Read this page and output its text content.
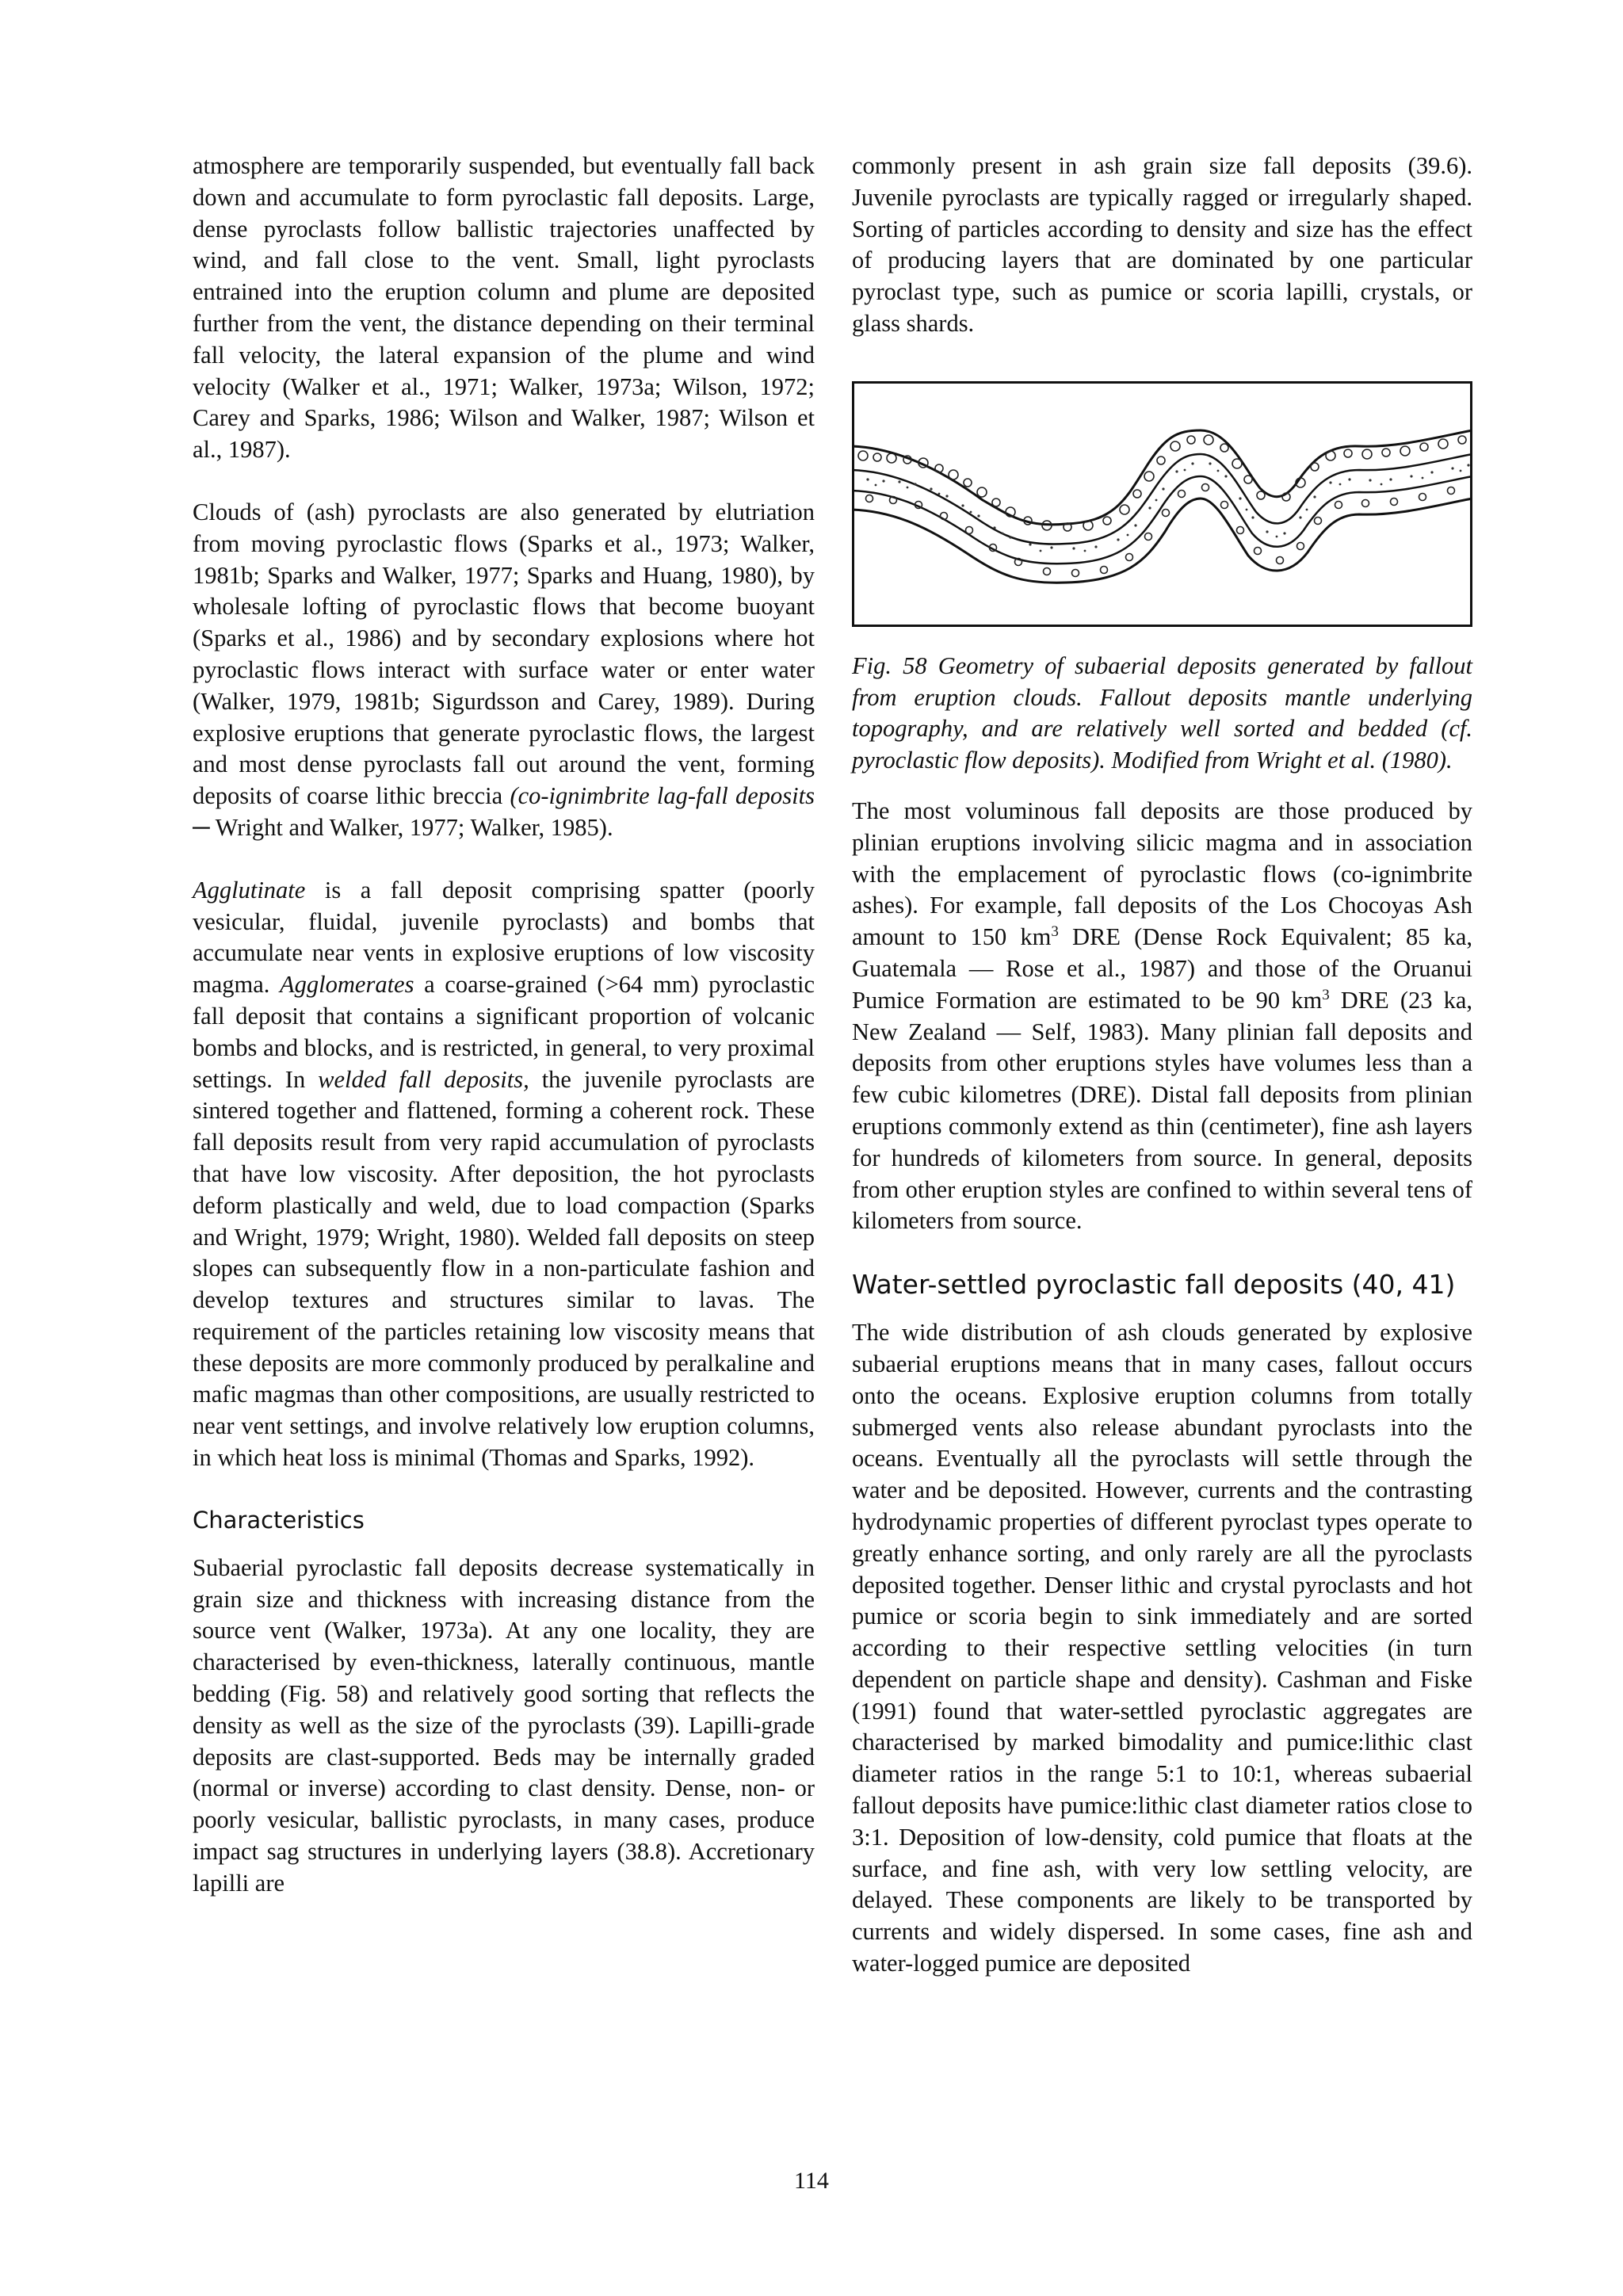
atmosphere are temporarily suspended, but eventually fall back down and accumulate to form pyroclastic fall deposits. Large, dense pyroclasts follow ballistic trajectories unaffected by wind, and fall close to the vent. Small, light pyroclasts entrained into the eruption column and plume are deposited further from the vent, the distance depending on their terminal fall velocity, the lateral expansion of the plume and wind velocity (Walker et al., 1971; Walker, 1973a; Wilson, 1972; Carey and Sparks, 1986; Wilson and Walker, 1987; Wilson et al., 1987).

Clouds of (ash) pyroclasts are also generated by elutriation from moving pyroclastic flows (Sparks et al., 1973; Walker, 1981b; Sparks and Walker, 1977; Sparks and Huang, 1980), by wholesale lofting of pyroclastic flows that become buoyant (Sparks et al., 1986) and by secondary explosions where hot pyroclastic flows interact with surface water or enter water (Walker, 1979, 1981b; Sigurdsson and Carey, 1989). During explosive eruptions that generate pyroclastic flows, the largest and most dense pyroclasts fall out around the vent, forming deposits of coarse lithic breccia (co-ignimbrite lag-fall deposits ─ Wright and Walker, 1977; Walker, 1985).

Agglutinate is a fall deposit comprising spatter (poorly vesicular, fluidal, juvenile pyroclasts) and bombs that accumulate near vents in explosive eruptions of low viscosity magma. Agglomerates a coarse-grained (>64 mm) pyroclastic fall deposit that contains a significant proportion of volcanic bombs and blocks, and is restricted, in general, to very proximal settings. In welded fall deposits, the juvenile pyroclasts are sintered together and flattened, forming a coherent rock. These fall deposits result from very rapid accumulation of pyroclasts that have low viscosity. After deposition, the hot pyroclasts deform plastically and weld, due to load compaction (Sparks and Wright, 1979; Wright, 1980). Welded fall deposits on steep slopes can subsequently flow in a non-particulate fashion and develop textures and structures similar to lavas. The requirement of the particles retaining low viscosity means that these deposits are more commonly produced by peralkaline and mafic magmas than other compositions, are usually restricted to near vent settings, and involve relatively low eruption columns, in which heat loss is minimal (Thomas and Sparks, 1992).

Characteristics

Subaerial pyroclastic fall deposits decrease systematically in grain size and thickness with increasing distance from the source vent (Walker, 1973a). At any one locality, they are characterised by even-thickness, laterally continuous, mantle bedding (Fig. 58) and relatively good sorting that reflects the density as well as the size of the pyroclasts (39). Lapilli-grade deposits are clast-supported. Beds may be internally graded (normal or inverse) according to clast density. Dense, non- or poorly vesicular, ballistic pyroclasts, in many cases, produce impact sag structures in underlying layers (38.8). Accretionary lapilli are

commonly present in ash grain size fall deposits (39.6). Juvenile pyroclasts are typically ragged or irregularly shaped. Sorting of particles according to density and size has the effect of producing layers that are dominated by one particular pyroclast type, such as pumice or scoria lapilli, crystals, or glass shards.

Fig. 58 Geometry of subaerial deposits generated by fallout from eruption clouds. Fallout deposits mantle underlying topography, and are relatively well sorted and bedded (cf. pyroclastic flow deposits). Modified from Wright et al. (1980).

The most voluminous fall deposits are those produced by plinian eruptions involving silicic magma and in association with the emplacement of pyroclastic flows (co-ignimbrite ashes). For example, fall deposits of the Los Chocoyas Ash amount to 150 $km^3$ DRE (Dense Rock Equivalent; 85 ka, Guatemala — Rose et al., 1987) and those of the Oruanui Pumice Formation are estimated to be 90 $km^3$ DRE (23 ka, New Zealand — Self, 1983). Many plinian fall deposits and deposits from other eruptions styles have volumes less than a few cubic kilometres (DRE). Distal fall deposits from plinian eruptions commonly extend as thin (centimeter), fine ash layers for hundreds of kilometers from source. In general, deposits from other eruption styles are confined to within several tens of kilometers from source.

Water-settled pyroclastic fall deposits (40, 41)

The wide distribution of ash clouds generated by explosive subaerial eruptions means that in many cases, fallout occurs onto the oceans. Explosive eruption columns from totally submerged vents also release abundant pyroclasts into the oceans. Eventually all the pyroclasts will settle through the water and be deposited. However, currents and the contrasting hydrodynamic properties of different pyroclast types operate to greatly enhance sorting, and only rarely are all the pyroclasts deposited together. Denser lithic and crystal pyroclasts and hot pumice or scoria begin to sink immediately and are sorted according to their respective settling velocities (in turn dependent on particle shape and density). Cashman and Fiske (1991) found that water-settled pyroclastic aggregates are characterised by marked bimodality and pumice:lithic clast diameter ratios in the range 5:1 to 10:1, whereas subaerial fallout deposits have pumice:lithic clast diameter ratios close to 3:1. Deposition of low-density, cold pumice that floats at the surface, and fine ash, with very low settling velocity, are delayed. These components are likely to be transported by currents and widely dispersed. In some cases, fine ash and water-logged pumice are deposited

114
